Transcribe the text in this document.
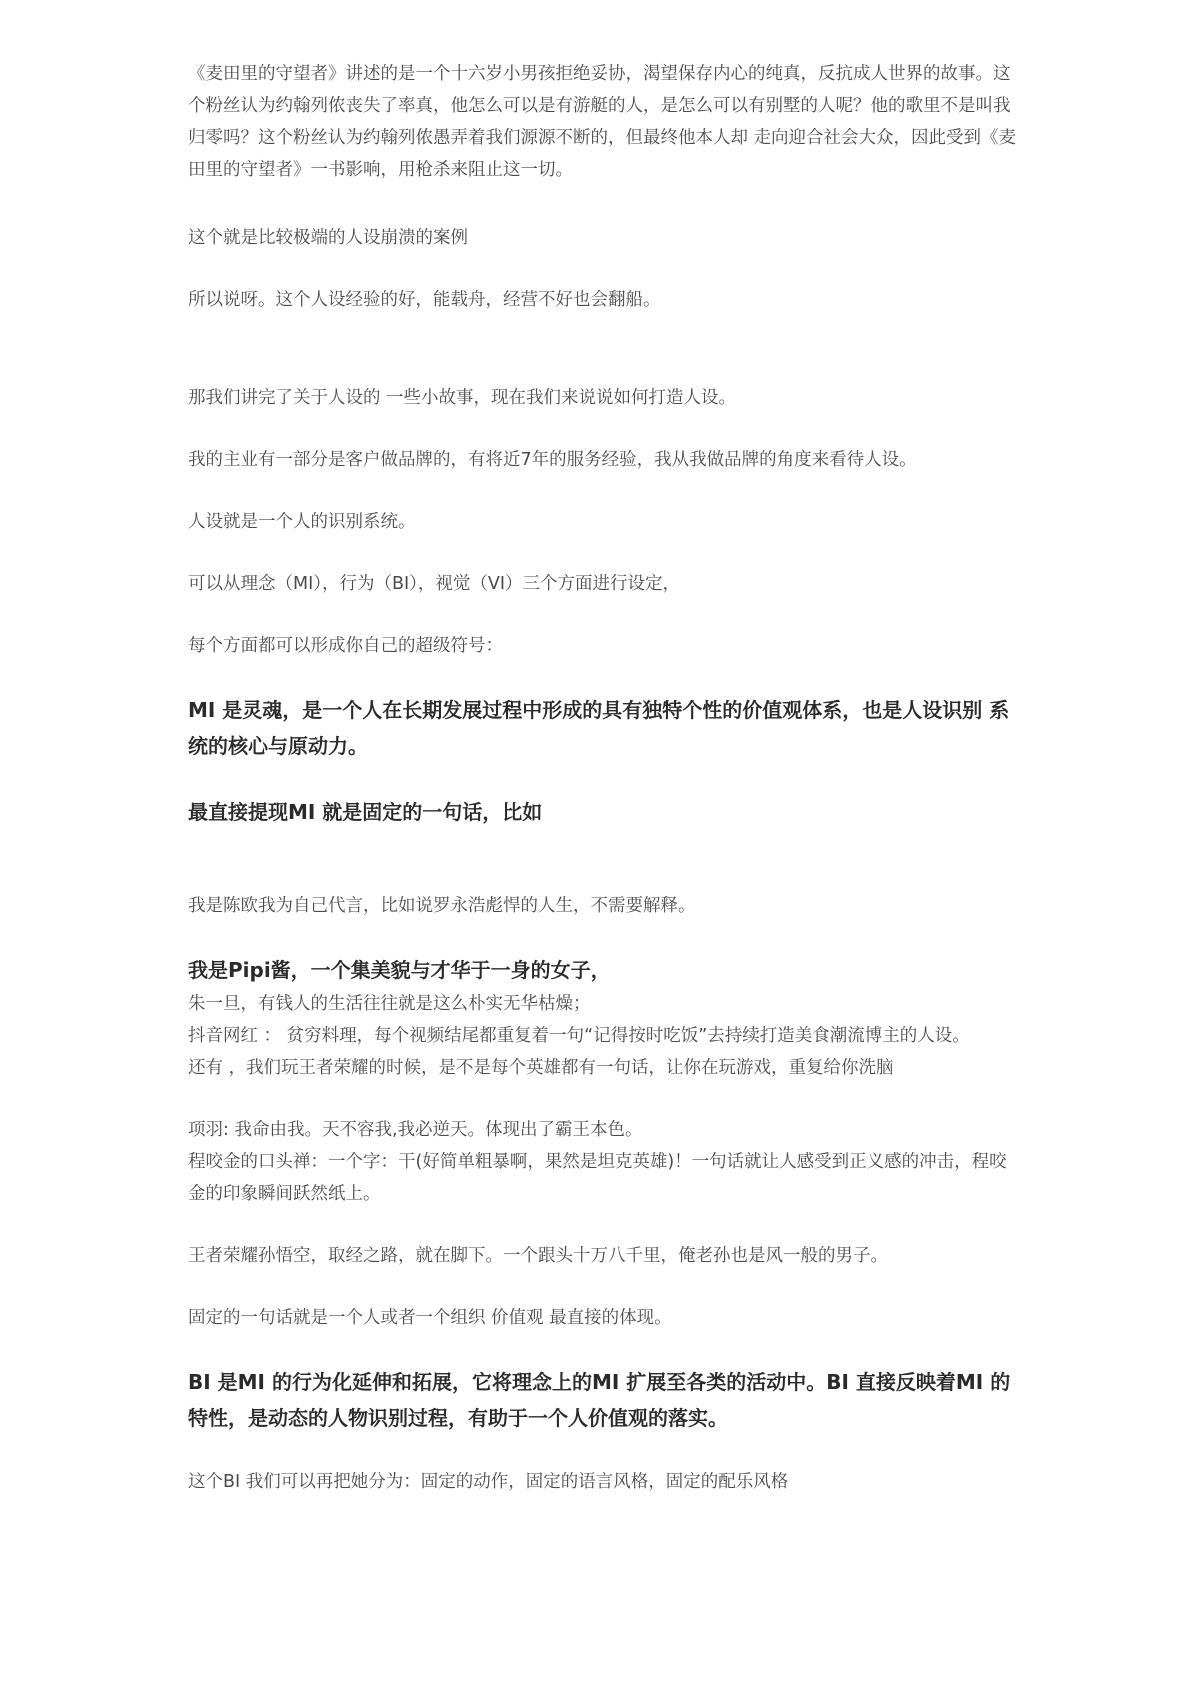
《麦田里的守望者》讲述的是一个十六岁小男孩拒绝妥协，渴望保存内心的纯真，反抗成人世界的故事。这个粉丝认为约翰列侬丧失了率真，他怎么可以是有游艇的人，是怎么可以有别墅的人呢？他的歌里不是叫我归零吗？这个粉丝认为约翰列侬愚弄着我们源源不断的，但最终他本人却 走向迎合社会大众，因此受到《麦田里的守望者》一书影响，用枪杀来阻止这一切。

这个就是比较极端的人设崩溃的案例

所以说呀。这个人设经验的好，能载舟，经营不好也会翻船。

那我们讲完了关于人设的 一些小故事，现在我们来说说如何打造人设。

我的主业有一部分是客户做品牌的，有将近7年的服务经验，我从我做品牌的角度来看待人设。

人设就是一个人的识别系统。

可以从理念（MI），行为（BI），视觉（VI）三个方面进行设定，

每个方面都可以形成你自己的超级符号：

MI 是灵魂，是一个人在长期发展过程中形成的具有独特个性的价值观体系，也是人设识别 系统的核心与原动力。

最直接提现MI 就是固定的一句话，比如

我是陈欧我为自己代言，比如说罗永浩彪悍的人生，不需要解释。

我是Pipi酱，一个集美貌与才华于一身的女子，

朱一旦，有钱人的生活往往就是这么朴实无华枯燥；

抖音网红 ： 贫穷料理，每个视频结尾都重复着一句“记得按时吃饭”去持续打造美食潮流博主的人设。

还有 ，我们玩王者荣耀的时候，是不是每个英雄都有一句话，让你在玩游戏，重复给你洗脑

项羽: 我命由我。天不容我,我必逆天。体现出了霸王本色。

程咬金的口头禅：一个字：干(好简单粗暴啊，果然是坦克英雄)！一句话就让人感受到正义感的冲击，程咬金的印象瞬间跃然纸上。

王者荣耀孙悟空，取经之路，就在脚下。一个跟头十万八千里，俺老孙也是风一般的男子。

固定的一句话就是一个人或者一个组织 价值观 最直接的体现。

BI 是MI 的行为化延伸和拓展，它将理念上的MI 扩展至各类的活动中。BI 直接反映着MI 的特性，是动态的人物识别过程，有助于一个人价值观的落实。

这个BI 我们可以再把她分为：固定的动作，固定的语言风格，固定的配乐风格
